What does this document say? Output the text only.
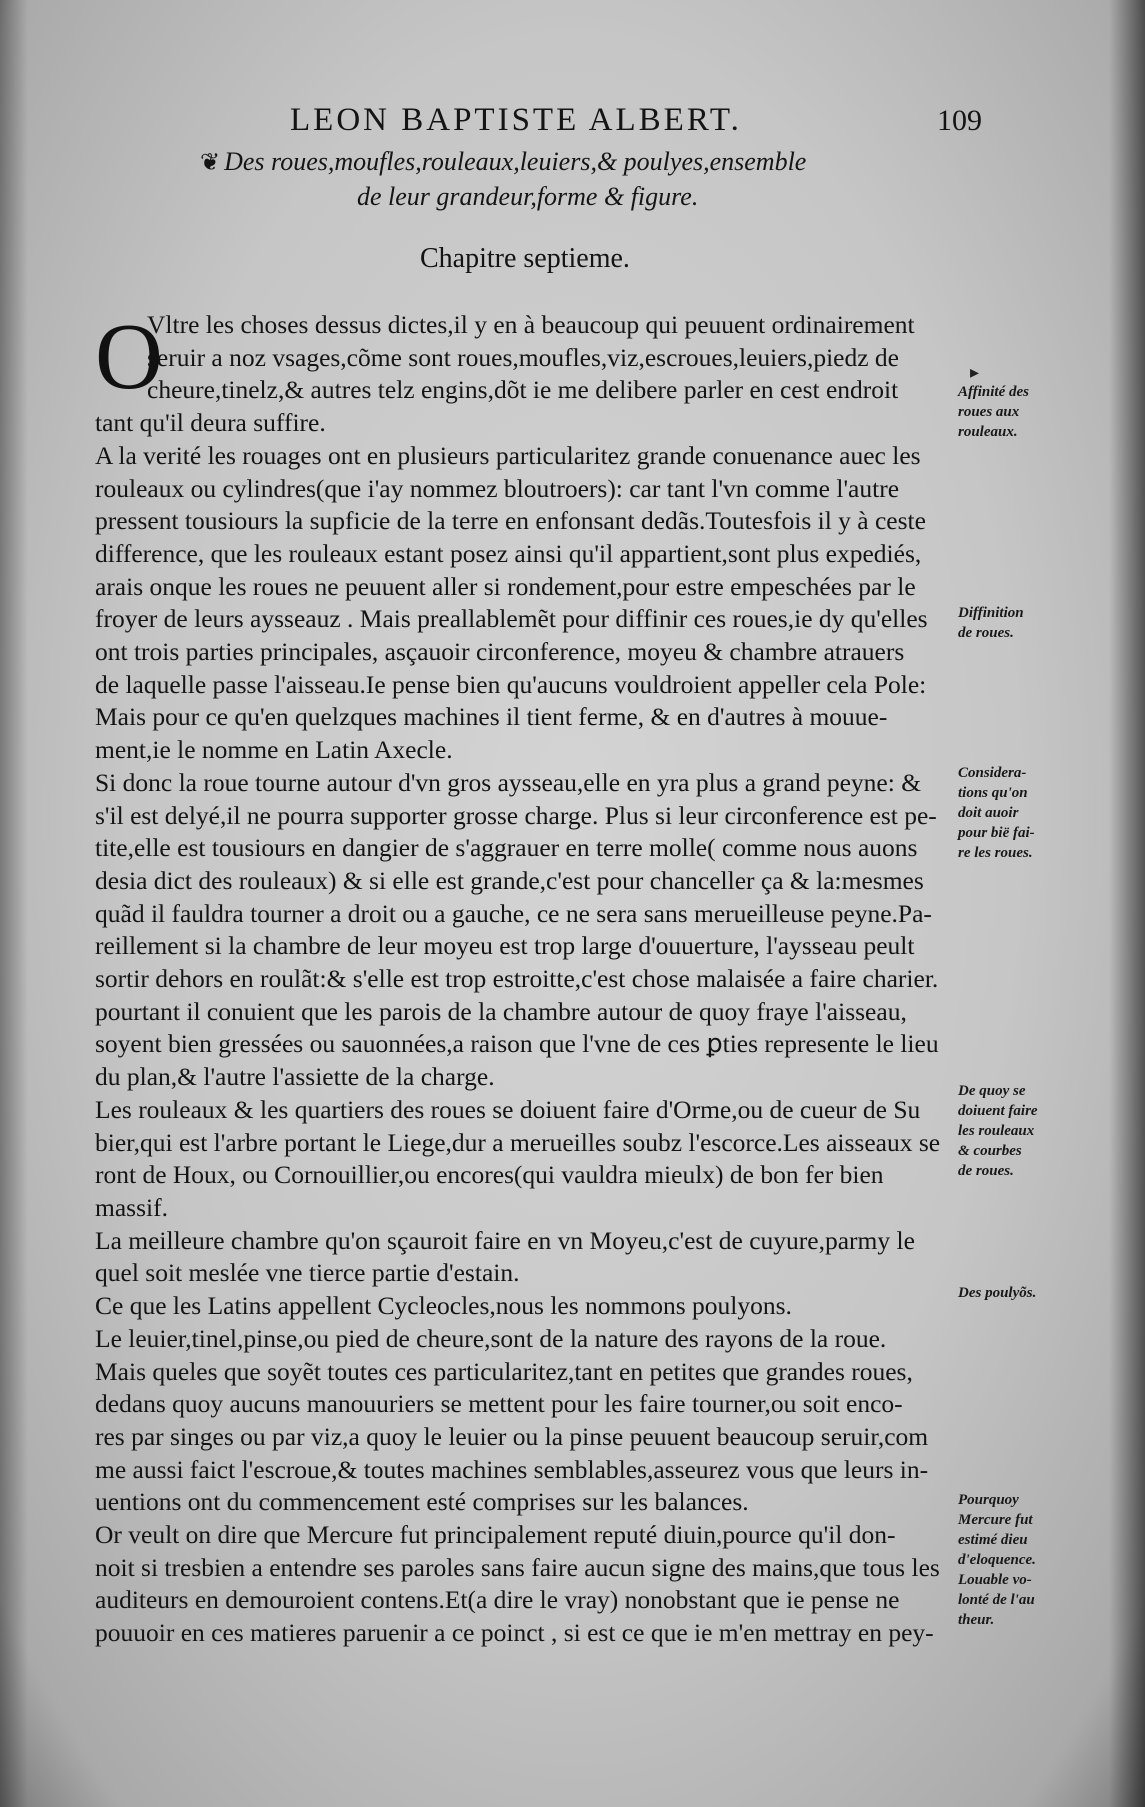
LEON BAPTISTE ALBERT.	109
❦ Des roues,moufles,rouleaux,leuiers,& poulyes,ensemble
de leur grandeur,forme & figure.
Chapitre septieme.
O	▸
Vltre les choses dessus dictes,il y en à beaucoup qui peuuent ordinairement
seruir a noz vsages,cõme sont roues,moufles,viz,escroues,leuiers,piedz de
cheure,tinelz,& autres telz engins,dõt ie me delibere parler en cest endroit
tant qu'il deura suffire.
A la verité les rouages ont en plusieurs particularitez grande conuenance auec les
rouleaux ou cylindres(que i'ay nommez bloutroers): car tant l'vn comme l'autre
pressent tousiours la supficie de la terre en enfonsant dedãs.Toutesfois il y à ceste
difference, que les rouleaux estant posez ainsi qu'il appartient,sont plus expediés,
arais onque les roues ne peuuent aller si rondement,pour estre empeschées par le
froyer de leurs aysseauz . Mais preallablemẽt pour diffinir ces roues,ie dy qu'elles
ont trois parties principales, asçauoir circonference, moyeu & chambre atrauers
de laquelle passe l'aisseau.Ie pense bien qu'aucuns vouldroient appeller cela Pole:
Mais pour ce qu'en quelzques machines il tient ferme, & en d'autres à mouue-
ment,ie le nomme en Latin Axecle.
Si donc la roue tourne autour d'vn gros aysseau,elle en yra plus a grand peyne: &
s'il est delyé,il ne pourra supporter grosse charge. Plus si leur circonference est pe-
tite,elle est tousiours en dangier de s'aggrauer en terre molle( comme nous auons
desia dict des rouleaux) & si elle est grande,c'est pour chanceller ça & la:mesmes
quãd il fauldra tourner a droit ou a gauche, ce ne sera sans merueilleuse peyne.Pa-
reillement si la chambre de leur moyeu est trop large d'ouuerture, l'aysseau peult
sortir dehors en roulãt:& s'elle est trop estroitte,c'est chose malaisée a faire charier.
pourtant il conuient que les parois de la chambre autour de quoy fraye l'aisseau,
soyent bien gressées ou sauonnées,a raison que l'vne de ces ꝑties represente le lieu
du plan,& l'autre l'assiette de la charge.
Les rouleaux & les quartiers des roues se doiuent faire d'Orme,ou de cueur de Su
bier,qui est l'arbre portant le Liege,dur a merueilles soubz l'escorce.Les aisseaux se
ront de Houx, ou Cornouillier,ou encores(qui vauldra mieulx) de bon fer bien
massif.
La meilleure chambre qu'on sçauroit faire en vn Moyeu,c'est de cuyure,parmy le
quel soit meslée vne tierce partie d'estain.
Ce que les Latins appellent Cycleocles,nous les nommons poulyons.
Le leuier,tinel,pinse,ou pied de cheure,sont de la nature des rayons de la roue.
Mais queles que soyẽt toutes ces particularitez,tant en petites que grandes roues,
dedans quoy aucuns manouuriers se mettent pour les faire tourner,ou soit enco-
res par singes ou par viz,a quoy le leuier ou la pinse peuuent beaucoup seruir,com
me aussi faict l'escroue,& toutes machines semblables,asseurez vous que leurs in-
uentions ont du commencement esté comprises sur les balances.
Or veult on dire que Mercure fut principalement reputé diuin,pource qu'il don-
noit si tresbien a entendre ses paroles sans faire aucun signe des mains,que tous les
auditeurs en demouroient contens.Et(a dire le vray) nonobstant que ie pense ne
pouuoir en ces matieres paruenir a ce poinct , si est ce que ie m'en mettray en pey-
Affinité des
roues aux
rouleaux.
Diffinition
de roues.
Considera-
tions qu'on
doit auoir
pour bië fai-
re les roues.
De quoy se
doiuent faire
les rouleaux
& courbes
de roues.
Des poulyõs.
Pourquoy
Mercure fut
estimé dieu
d'eloquence.
Louable vo-
lonté de l'au
theur.
